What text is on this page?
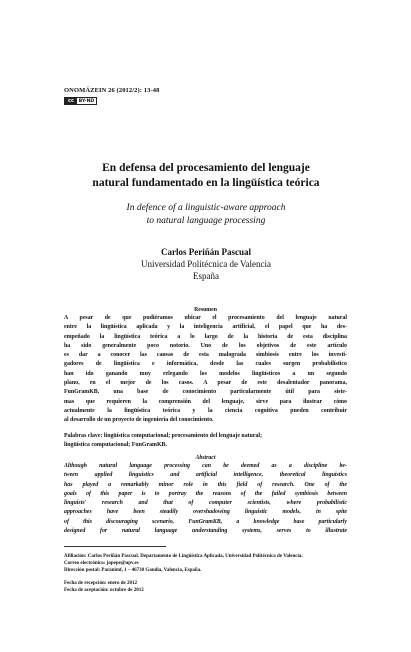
ONOMÁZEIN 26 (2012/2): 13-48
cc	BY-ND
En defensa del procesamiento del lenguaje
natural fundamentado en la lingüística teórica
In defence of a linguistic-aware approach
to natural language processing
Carlos Periñán Pascual
Universidad Politécnica de Valencia
España
Resumen
A pesar de que pudiéramos ubicar el procesamiento del lenguaje natural
entre la lingüística aplicada y la inteligencia artificial, el papel que ha des-
empeñado la lingüística teórica a lo largo de la historia de esta disciplina
ha sido generalmente poco notorio. Uno de los objetivos de este artículo
es dar a conocer las causas de esta malograda simbiosis entre los investi-
gadores de lingüística e informática, desde las cuales surgen probabilístico
han ido ganando muy relegando los modelos lingüísticos a un segundo
plano, en el mejor de los casos. A pesar de este desalentador panorama,
FunGramKB, una base de conocimiento particularmente útil para siste-
mas que requieren la comprensión del lenguaje, sirve para ilustrar cómo
actualmente la lingüística teórica y la ciencia cognitiva pueden contribuir
al desarrollo de un proyecto de ingeniería del conocimiento.
Palabras clave: lingüística computacional; procesamiento del lenguaje natural;
lingüística computacional; FunGramKB.
Abstract
Although natural language processing can be deemed as a discipline be-
tween applied linguistics and artificial intelligence, theoretical linguistics
has played a remarkably minor role in this field of research. One of the
goals of this paper is to portray the reasons of the failed symbiosis between
linguists' research and that of computer scientists, where probabilistic
approaches have been steadily overshadowing linguistic models, in spite
of this discouraging scenario, FunGramKB, a knowledge base particularly
designed for natural language understanding systems, serves to illustrate
Afiliación: Carlos Periñán Pascual. Departamento de Lingüística Aplicada, Universidad Politécnica de Valencia.
Correo electrónico: jopepe@upv.es
Dirección postal: Paranimf, 1 – 46730 Gandia, Valencia, España.
Fecha de recepción: enero de 2012
Fecha de aceptación: octubre de 2012
